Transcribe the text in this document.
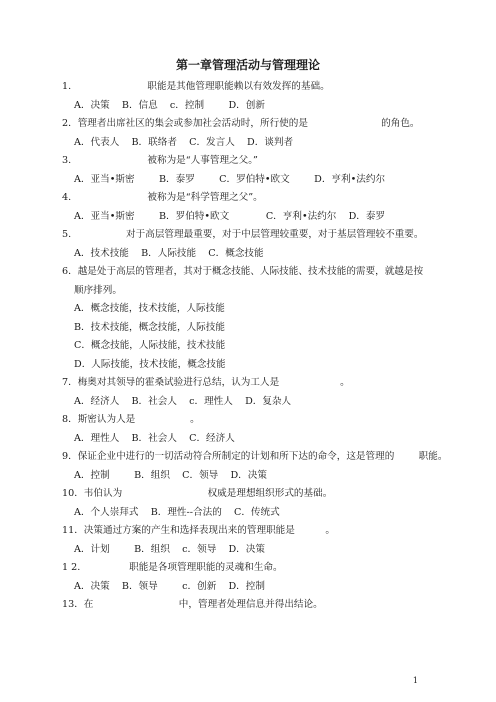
第一章管理活动与管理理论
1.                         职能是其他管理职能赖以有效发挥的基础。
A．决策    B．信息    c．控制        D．创新
2．管理者出席社区的集会或参加社会活动时，所行使的是                        的角色。
A．代表人    B．联络者    C．发言人    D．谈判者
3.                         被称为是“人事管理之父。”
A．亚当•斯密        B．泰罗        C．罗伯特•欧文        D．亨利•法约尔
4.                         被称为是“科学管理之父”。
A．亚当•斯密        B．罗伯特•欧文            C．亨利•法约尔    D．泰罗
5.                  对于高层管理最重要，对于中层管理较重要，对于基层管理较不重要。
A．技术技能    B．人际技能    C．概念技能
6．越是处于高层的管理者，其对于概念技能、人际技能、技术技能的需要，就越是按
顺序排列。
A．概念技能，技术技能，人际技能
B．技术技能，概念技能，人际技能
C．概念技能，人际技能，技术技能
D．人际技能，技术技能，概念技能
7．梅奥对其领导的霍桑试验进行总结，认为工人是                    。
A．经济人    B．社会人    c．理性人    D．复杂人
8．斯密认为人是                  。
A．理性人    B．社会人    C．经济人
9．保证企业中进行的一切活动符合所制定的计划和所下达的命令，这是管理的        职能。
A．控制        B．组织    C．领导    D．决策
10．韦伯认为                            权威是理想组织形式的基础。
A．个人崇拜式    B．理性--合法的    C．传统式
11．决策通过方案的产生和选择表现出来的管理职能是          。
A．计划        B．组织    c．领导    D．决策
1 2.                职能是各项管理职能的灵魂和生命。
A．决策    B．领导        c．创新    D．控制
13．在                            中，管理者处理信息并得出结论。
1
